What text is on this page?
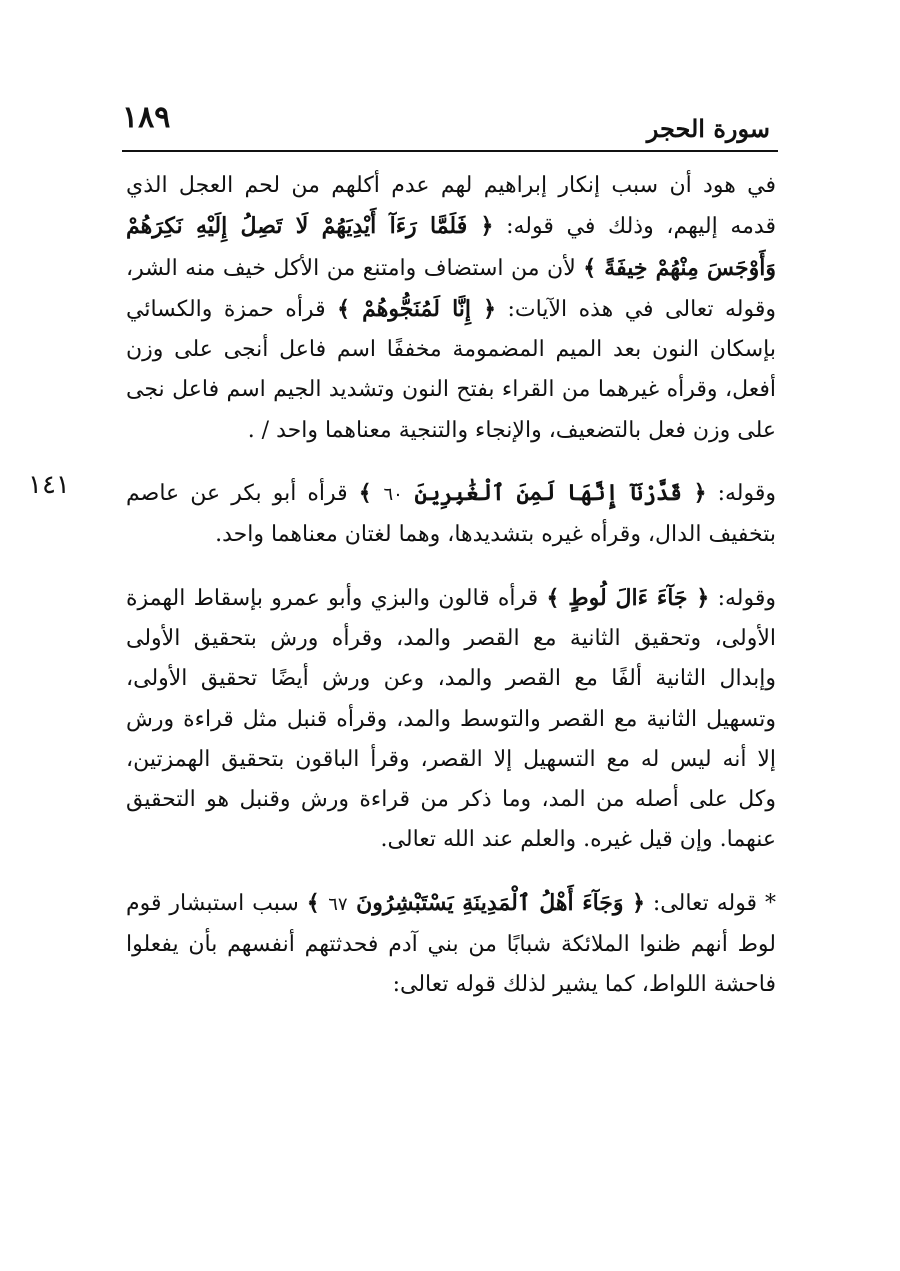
١٨٩	سورة الحجر
١٤١

في هود أن سبب إنكار إبراهيم لهم عدم أكلهم من لحم العجل الذي قدمه إليهم، وذلك في قوله: ﴿ فَلَمَّا رَءَآ أَيْدِيَهُمْ لَا تَصِلُ إِلَيْهِ نَكِرَهُمْ وَأَوْجَسَ مِنْهُمْ خِيفَةً ﴾ لأن من استضاف وامتنع من الأكل خيف منه الشر، وقوله تعالى في هذه الآيات: ﴿ إِنَّا لَمُنَجُّوهُمْ ﴾ قرأه حمزة والكسائي بإسكان النون بعد الميم المضمومة مخففًا اسم فاعل أنجى على وزن أفعل، وقرأه غيرهما من القراء بفتح النون وتشديد الجيم اسم فاعل نجى على وزن فعل بالتضعيف، والإنجاء والتنجية معناهما واحد / .

وقوله: ﴿ قَدَّرْنَآ إِنَّهَا لَمِنَ ٱلْغَٰبِرِينَ ٦٠ ﴾ قرأه أبو بكر عن عاصم بتخفيف الدال، وقرأه غيره بتشديدها، وهما لغتان معناهما واحد.

وقوله: ﴿ جَآءَ ءَالَ لُوطٍ ﴾ قرأه قالون والبزي وأبو عمرو بإسقاط الهمزة الأولى، وتحقيق الثانية مع القصر والمد، وقرأه ورش بتحقيق الأولى وإبدال الثانية ألفًا مع القصر والمد، وعن ورش أيضًا تحقيق الأولى، وتسهيل الثانية مع القصر والتوسط والمد، وقرأه قنبل مثل قراءة ورش إلا أنه ليس له مع التسهيل إلا القصر، وقرأ الباقون بتحقيق الهمزتين، وكل على أصله من المد، وما ذكر من قراءة ورش وقنبل هو التحقيق عنهما. وإن قيل غيره. والعلم عند الله تعالى.

* قوله تعالى: ﴿ وَجَآءَ أَهْلُ ٱلْمَدِينَةِ يَسْتَبْشِرُونَ ٦٧ ﴾ سبب استبشار قوم لوط أنهم ظنوا الملائكة شبابًا من بني آدم فحدثتهم أنفسهم بأن يفعلوا فاحشة اللواط، كما يشير لذلك قوله تعالى:
